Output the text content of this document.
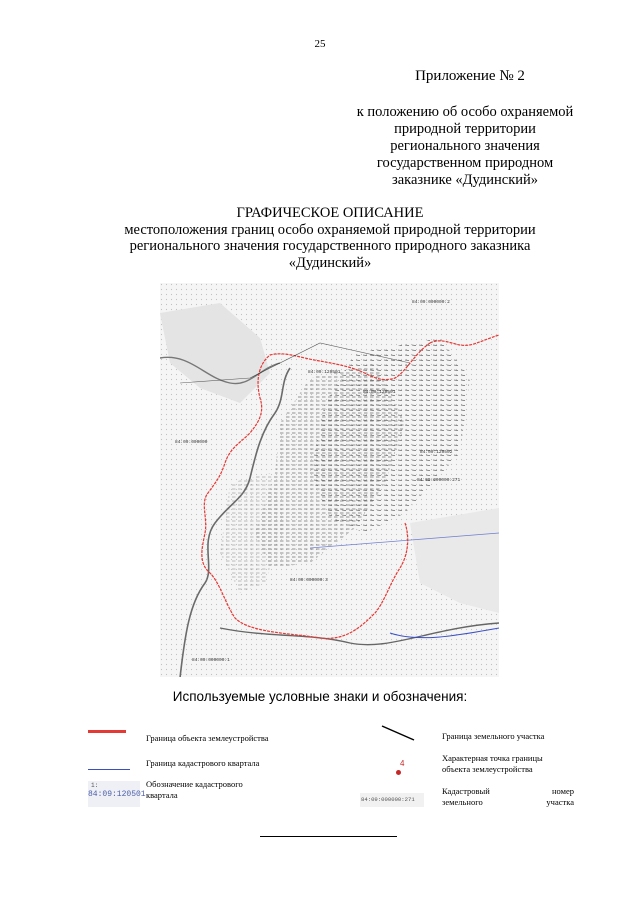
25
Приложение № 2
к положению об особо охраняемой
природной территории
регионального значения
государственном природном
заказнике «Дудинский»
ГРАФИЧЕСКОЕ ОПИСАНИЕ
местоположения границ особо охраняемой природной территории
регионального значения государственного природного заказника
«Дудинский»
84:09:000000:2
84:09:120501
84:09:000000:271
84:09:000000
84:09:120501
84:09:120502
84:09:000000:3
84:09:000000:1
Используемые условные знаки и обозначения:
Граница объекта землеустройства
Граница кадастрового квартала
1:
84:09:120501
Обозначение кадастрового квартала
Граница земельного участка
4
Характерная точка границы
объекта землеустройства
84:09:000000:271
Кадастровый номер
земельного участка
